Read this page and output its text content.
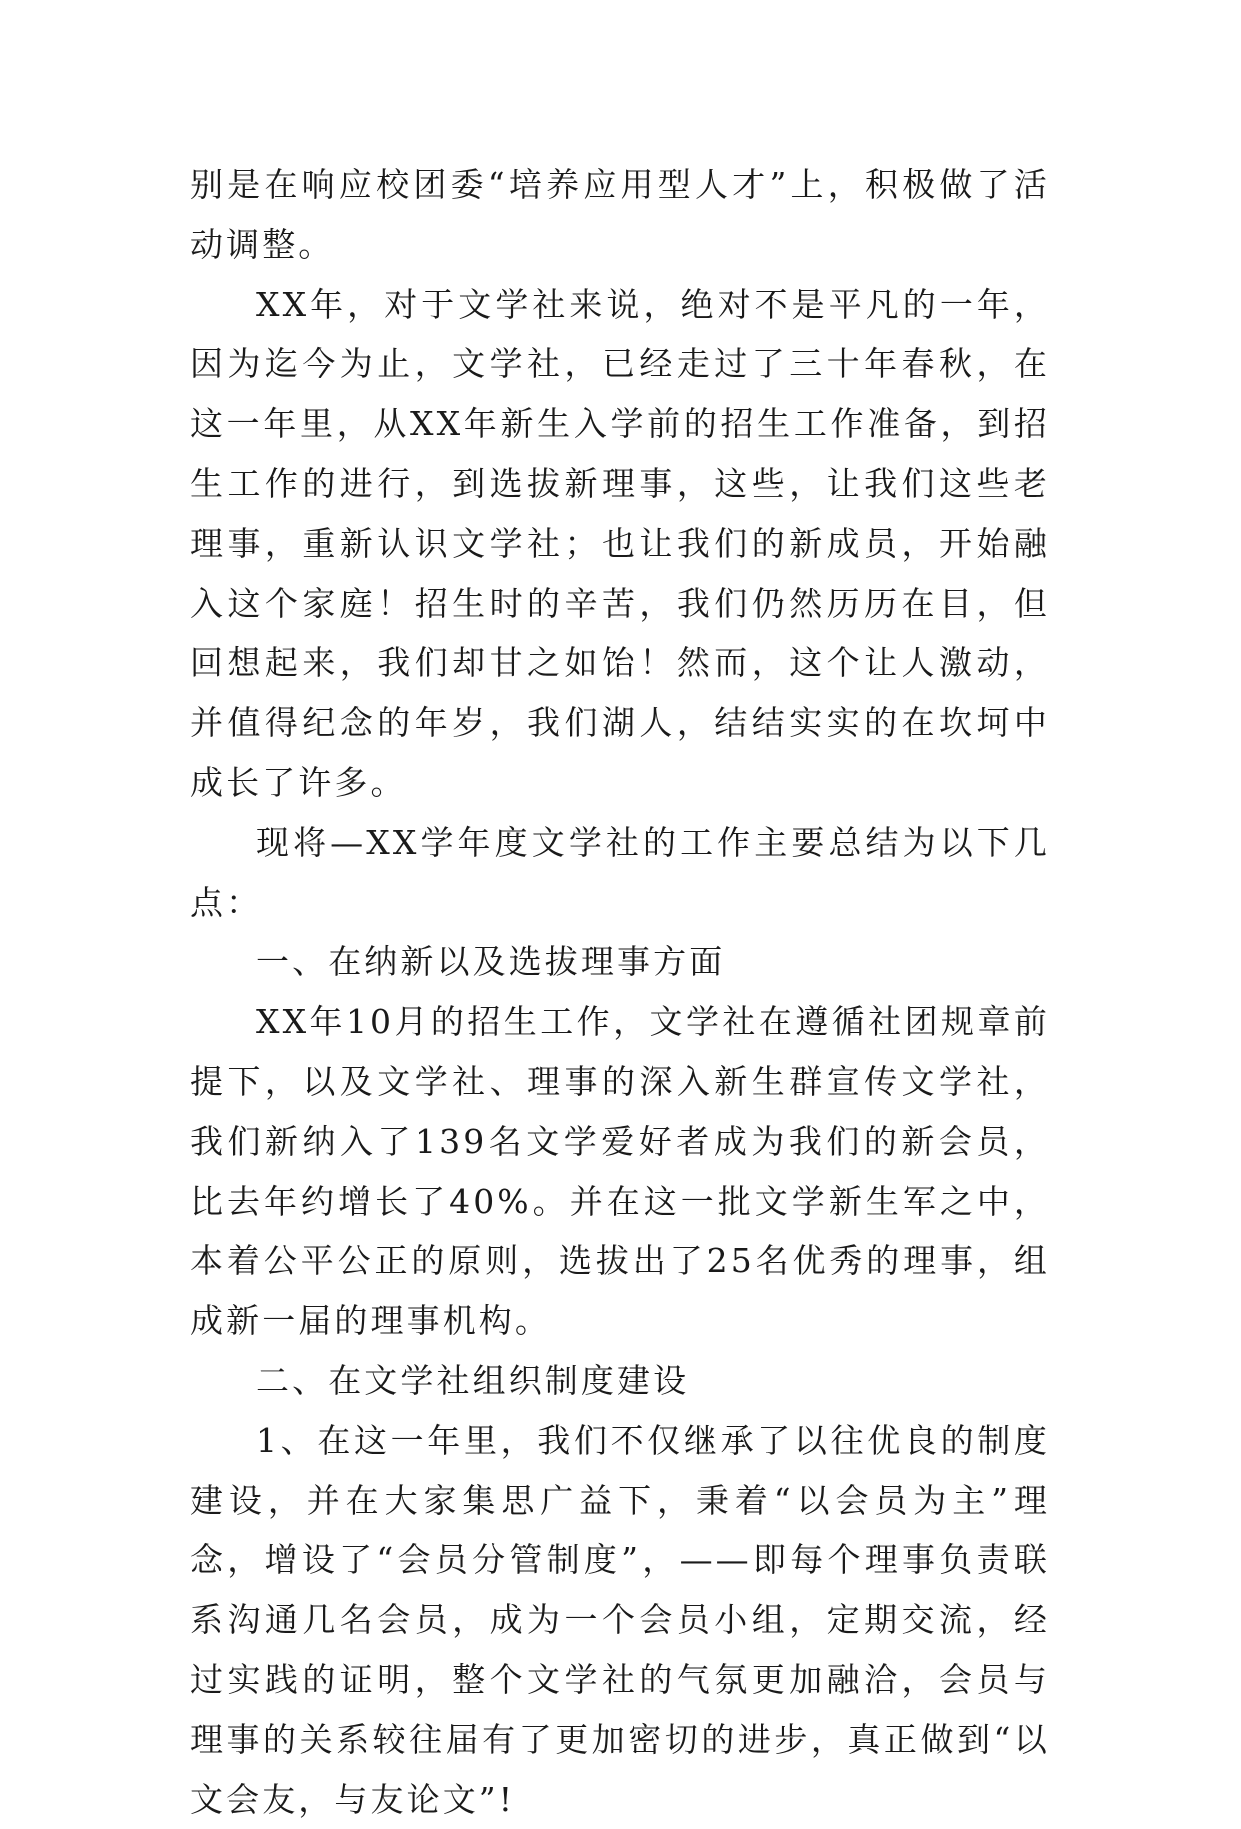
别是在响应校团委“培养应用型人才”上，积极做了活动调整。

XX年，对于文学社来说，绝对不是平凡的一年，因为迄今为止，文学社，已经走过了三十年春秋，在这一年里，从XX年新生入学前的招生工作准备，到招生工作的进行，到选拔新理事，这些，让我们这些老理事，重新认识文学社；也让我们的新成员，开始融入这个家庭！招生时的辛苦，我们仍然历历在目，但回想起来，我们却甘之如饴！然而，这个让人激动，并值得纪念的年岁，我们湖人，结结实实的在坎坷中成长了许多。

现将—XX学年度文学社的工作主要总结为以下几点：

一、在纳新以及选拔理事方面

XX年10月的招生工作，文学社在遵循社团规章前提下，以及文学社、理事的深入新生群宣传文学社，我们新纳入了139名文学爱好者成为我们的新会员，比去年约增长了40%。并在这一批文学新生军之中，本着公平公正的原则，选拔出了25名优秀的理事，组成新一届的理事机构。

二、在文学社组织制度建设

1、在这一年里，我们不仅继承了以往优良的制度建设，并在大家集思广益下，秉着“以会员为主”理念，增设了“会员分管制度”，——即每个理事负责联系沟通几名会员，成为一个会员小组，定期交流，经过实践的证明，整个文学社的气氛更加融洽，会员与理事的关系较往届有了更加密切的进步，真正做到“以文会友，与友论文”!
